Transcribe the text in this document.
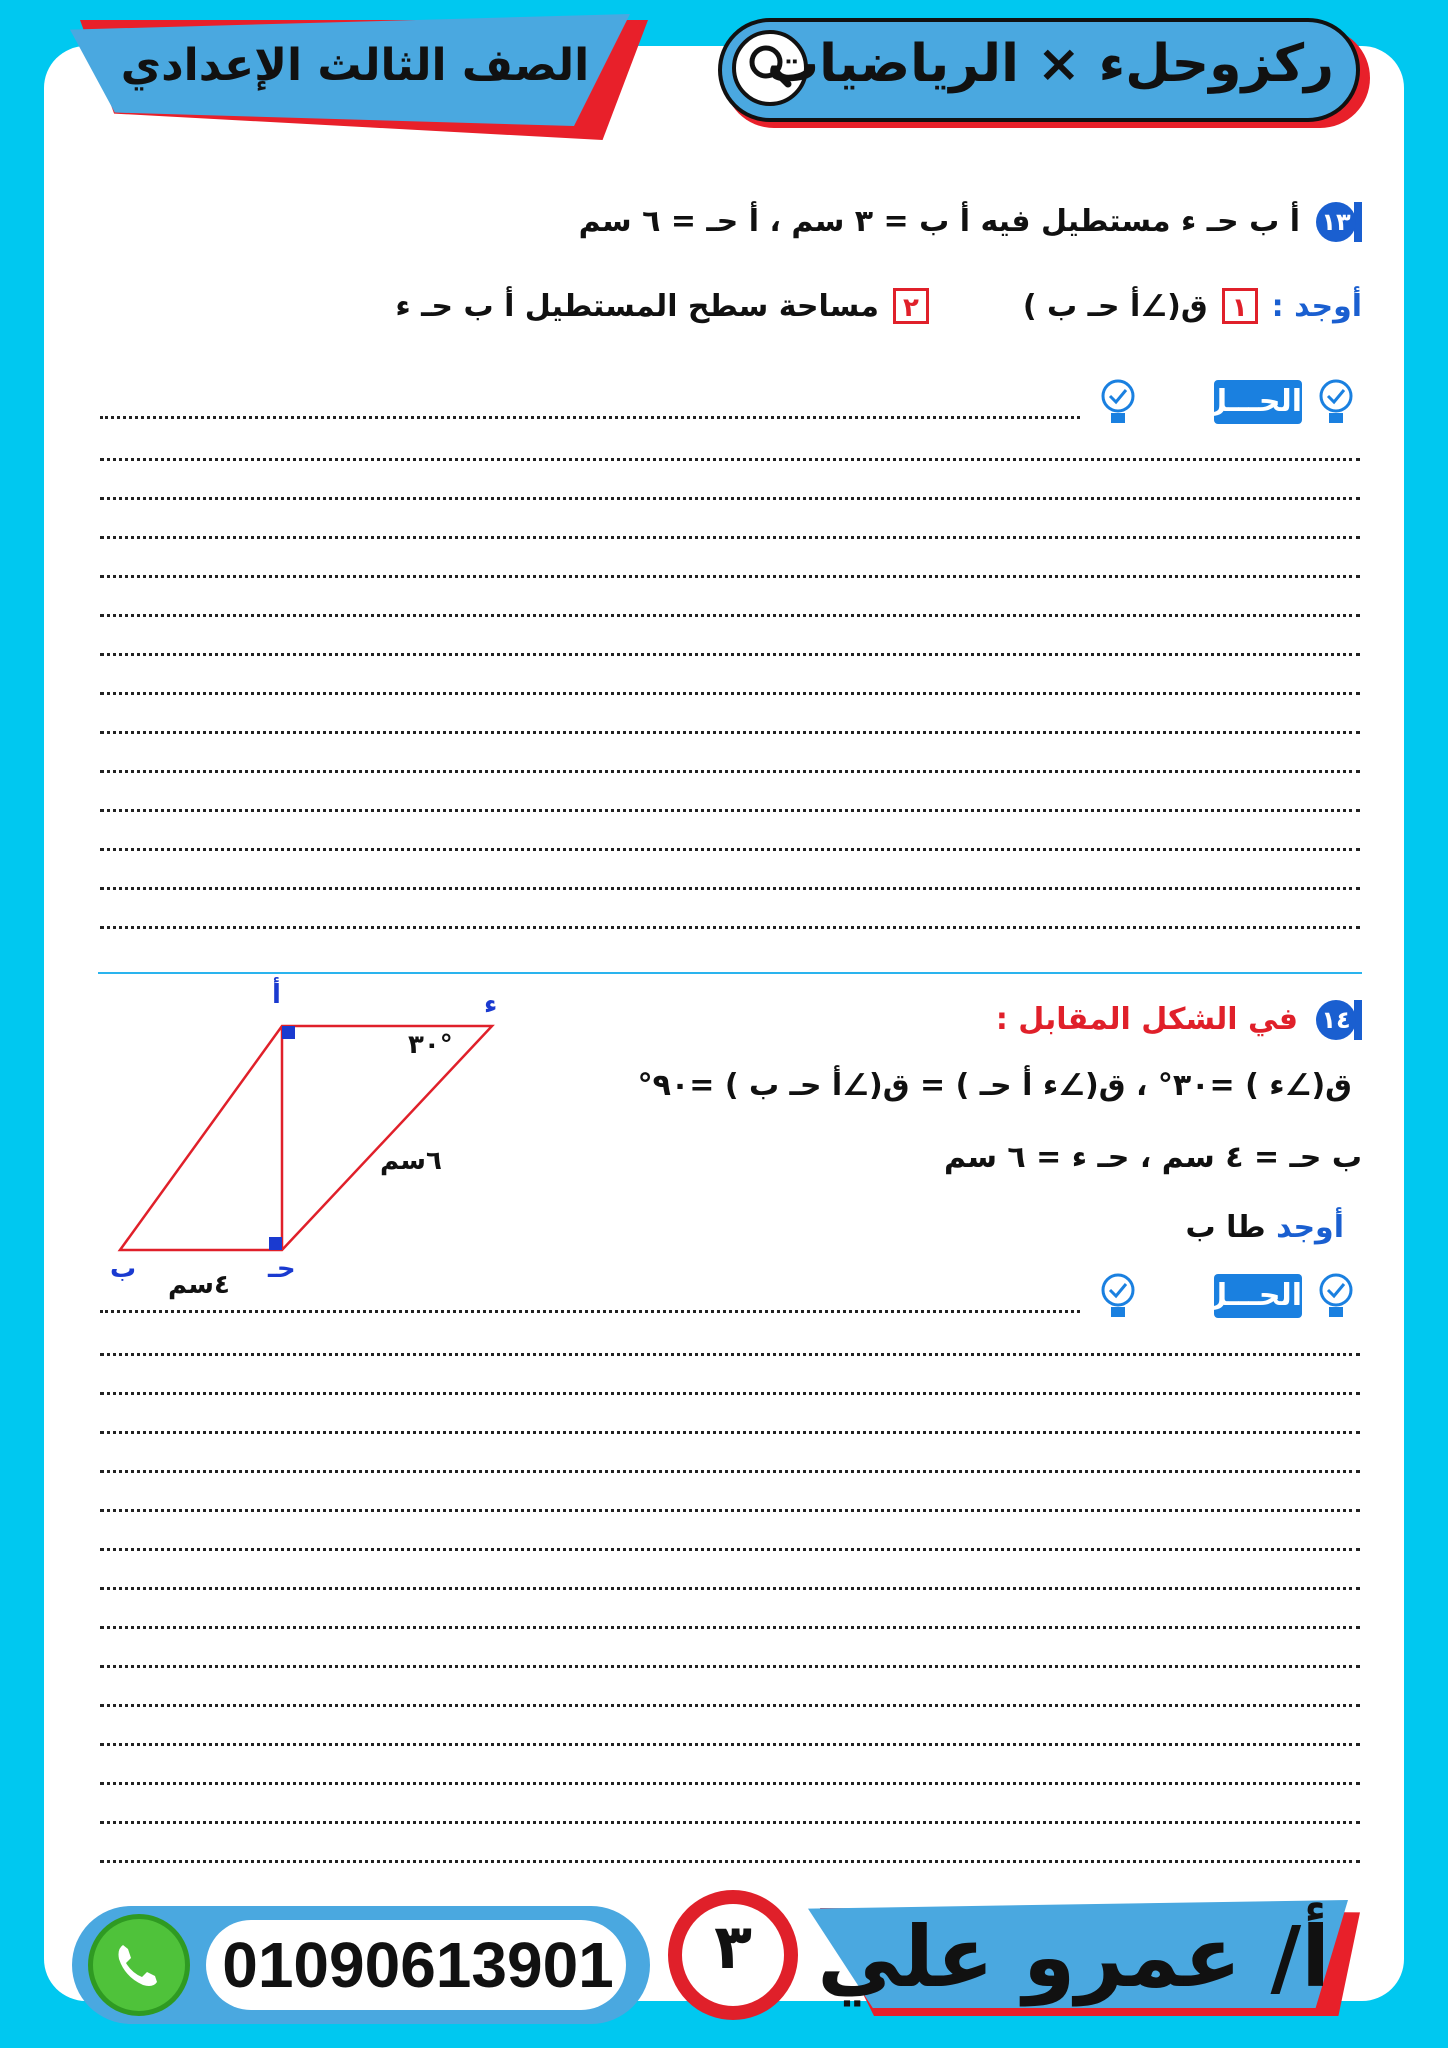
ركزوحلء × الرياضيات
الصف الثالث الإعدادي
١٣
أ ب حـ ء مستطيل فيه أ ب = ٣ سم ، أ حـ = ٦ سم
أوجد :
١
ق(∠أ حـ ب )
٢
مساحة سطح المستطيل أ ب حـ ء
الحـــل
١٤
في الشكل المقابل :
ق(∠ء ) =٣٠° ، ق(∠ء أ حـ ) = ق(∠أ حـ ب ) =٩٠°
ب حـ = ٤ سم ، حـ ء = ٦ سم
أوجد طا ب
أ	ء
حـ
ب
٣٠°
٦سم
٤سم	الحـــل
01090613901	٣ أ/ عمرو علي
